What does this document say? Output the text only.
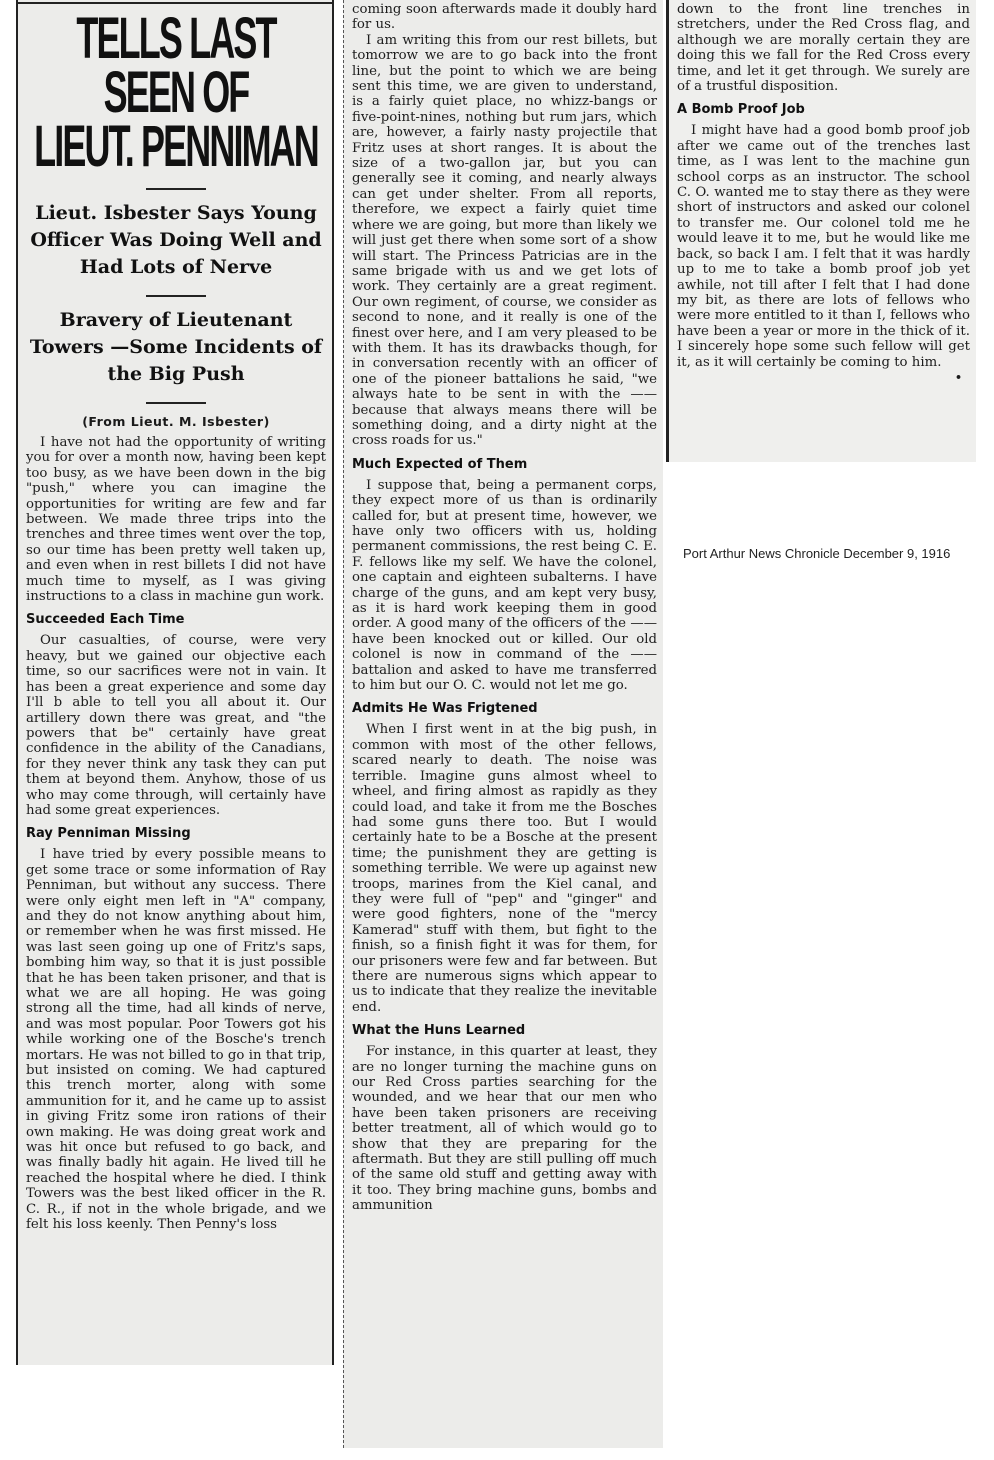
TELLS LAST SEEN OF
LIEUT. PENNIMAN

Lieut. Isbester Says Young Officer Was Doing Well and Had Lots of Nerve

Bravery of Lieutenant Towers —Some Incidents of the Big Push

(From Lieut. M. Isbester)

I have not had the opportunity of writing you for over a month now, having been kept too busy, as we have been down in the big "push," where you can imagine the opportunities for writing are few and far between. We made three trips into the trenches and three times went over the top, so our time has been pretty well taken up, and even when in rest billets I did not have much time to myself, as I was giving instructions to a class in machine gun work.

Succeeded Each Time

Our casualties, of course, were very heavy, but we gained our objective each time, so our sacrifices were not in vain. It has been a great experience and some day I'll b able to tell you all about it. Our artillery down there was great, and "the powers that be" certainly have great confidence in the ability of the Canadians, for they never think any task they can put them at beyond them. Anyhow, those of us who may come through, will certainly have had some great experiences.

Ray Penniman Missing

I have tried by every possible means to get some trace or some information of Ray Penniman, but without any success. There were only eight men left in "A" company, and they do not know anything about him, or remember when he was first missed. He was last seen going up one of Fritz's saps, bombing him way, so that it is just possible that he has been taken prisoner, and that is what we are all hoping. He was going strong all the time, had all kinds of nerve, and was most popular. Poor Towers got his while working one of the Bosche's trench mortars. He was not billed to go in that trip, but insisted on coming. We had captured this trench morter, along with some ammunition for it, and he came up to assist in giving Fritz some iron rations of their own making. He was doing great work and was hit once but refused to go back, and was finally badly hit again. He lived till he reached the hospital where he died. I think Towers was the best liked officer in the R. C. R., if not in the whole brigade, and we felt his loss keenly. Then Penny's loss

coming soon afterwards made it doubly hard for us.

I am writing this from our rest billets, but tomorrow we are to go back into the front line, but the point to which we are being sent this time, we are given to understand, is a fairly quiet place, no whizz-bangs or five-point-nines, nothing but rum jars, which are, however, a fairly nasty projectile that Fritz uses at short ranges. It is about the size of a two-gallon jar, but you can generally see it coming, and nearly always can get under shelter. From all reports, therefore, we expect a fairly quiet time where we are going, but more than likely we will just get there when some sort of a show will start. The Princess Patricias are in the same brigade with us and we get lots of work. They certainly are a great regiment. Our own regiment, of course, we consider as second to none, and it really is one of the finest over here, and I am very pleased to be with them. It has its drawbacks though, for in conversation recently with an officer of one of the pioneer battalions he said, "we always hate to be sent in with the —— because that always means there will be something doing, and a dirty night at the cross roads for us."

Much Expected of Them

I suppose that, being a permanent corps, they expect more of us than is ordinarily called for, but at present time, however, we have only two officers with us, holding permanent commissions, the rest being C. E. F. fellows like my self. We have the colonel, one captain and eighteen subalterns. I have charge of the guns, and am kept very busy, as it is hard work keeping them in good order. A good many of the officers of the —— have been knocked out or killed. Our old colonel is now in command of the —— battalion and asked to have me transferred to him but our O. C. would not let me go.

Admits He Was Frigtened

When I first went in at the big push, in common with most of the other fellows, scared nearly to death. The noise was terrible. Imagine guns almost wheel to wheel, and firing almost as rapidly as they could load, and take it from me the Bosches had some guns there too. But I would certainly hate to be a Bosche at the present time; the punishment they are getting is something terrible. We were up against new troops, marines from the Kiel canal, and they were full of "pep" and "ginger" and were good fighters, none of the "mercy Kamerad" stuff with them, but fight to the finish, so a finish fight it was for them, for our prisoners were few and far between. But there are numerous signs which appear to us to indicate that they realize the inevitable end.

What the Huns Learned

For instance, in this quarter at least, they are no longer turning the machine guns on our Red Cross parties searching for the wounded, and we hear that our men who have been taken prisoners are receiving better treatment, all of which would go to show that they are preparing for the aftermath. But they are still pulling off much of the same old stuff and getting away with it too. They bring machine guns, bombs and ammunition

down to the front line trenches in stretchers, under the Red Cross flag, and although we are morally certain they are doing this we fall for the Red Cross every time, and let it get through. We surely are of a trustful disposition.

A Bomb Proof Job

I might have had a good bomb proof job after we came out of the trenches last time, as I was lent to the machine gun school corps as an instructor. The school C. O. wanted me to stay there as they were short of instructors and asked our colonel to transfer me. Our colonel told me he would leave it to me, but he would like me back, so back I am. I felt that it was hardly up to me to take a bomb proof job yet awhile, not till after I felt that I had done my bit, as there are lots of fellows who were more entitled to it than I, fellows who have been a year or more in the thick of it. I sincerely hope some such fellow will get it, as it will certainly be coming to him.
•

Port Arthur News Chronicle December 9, 1916
